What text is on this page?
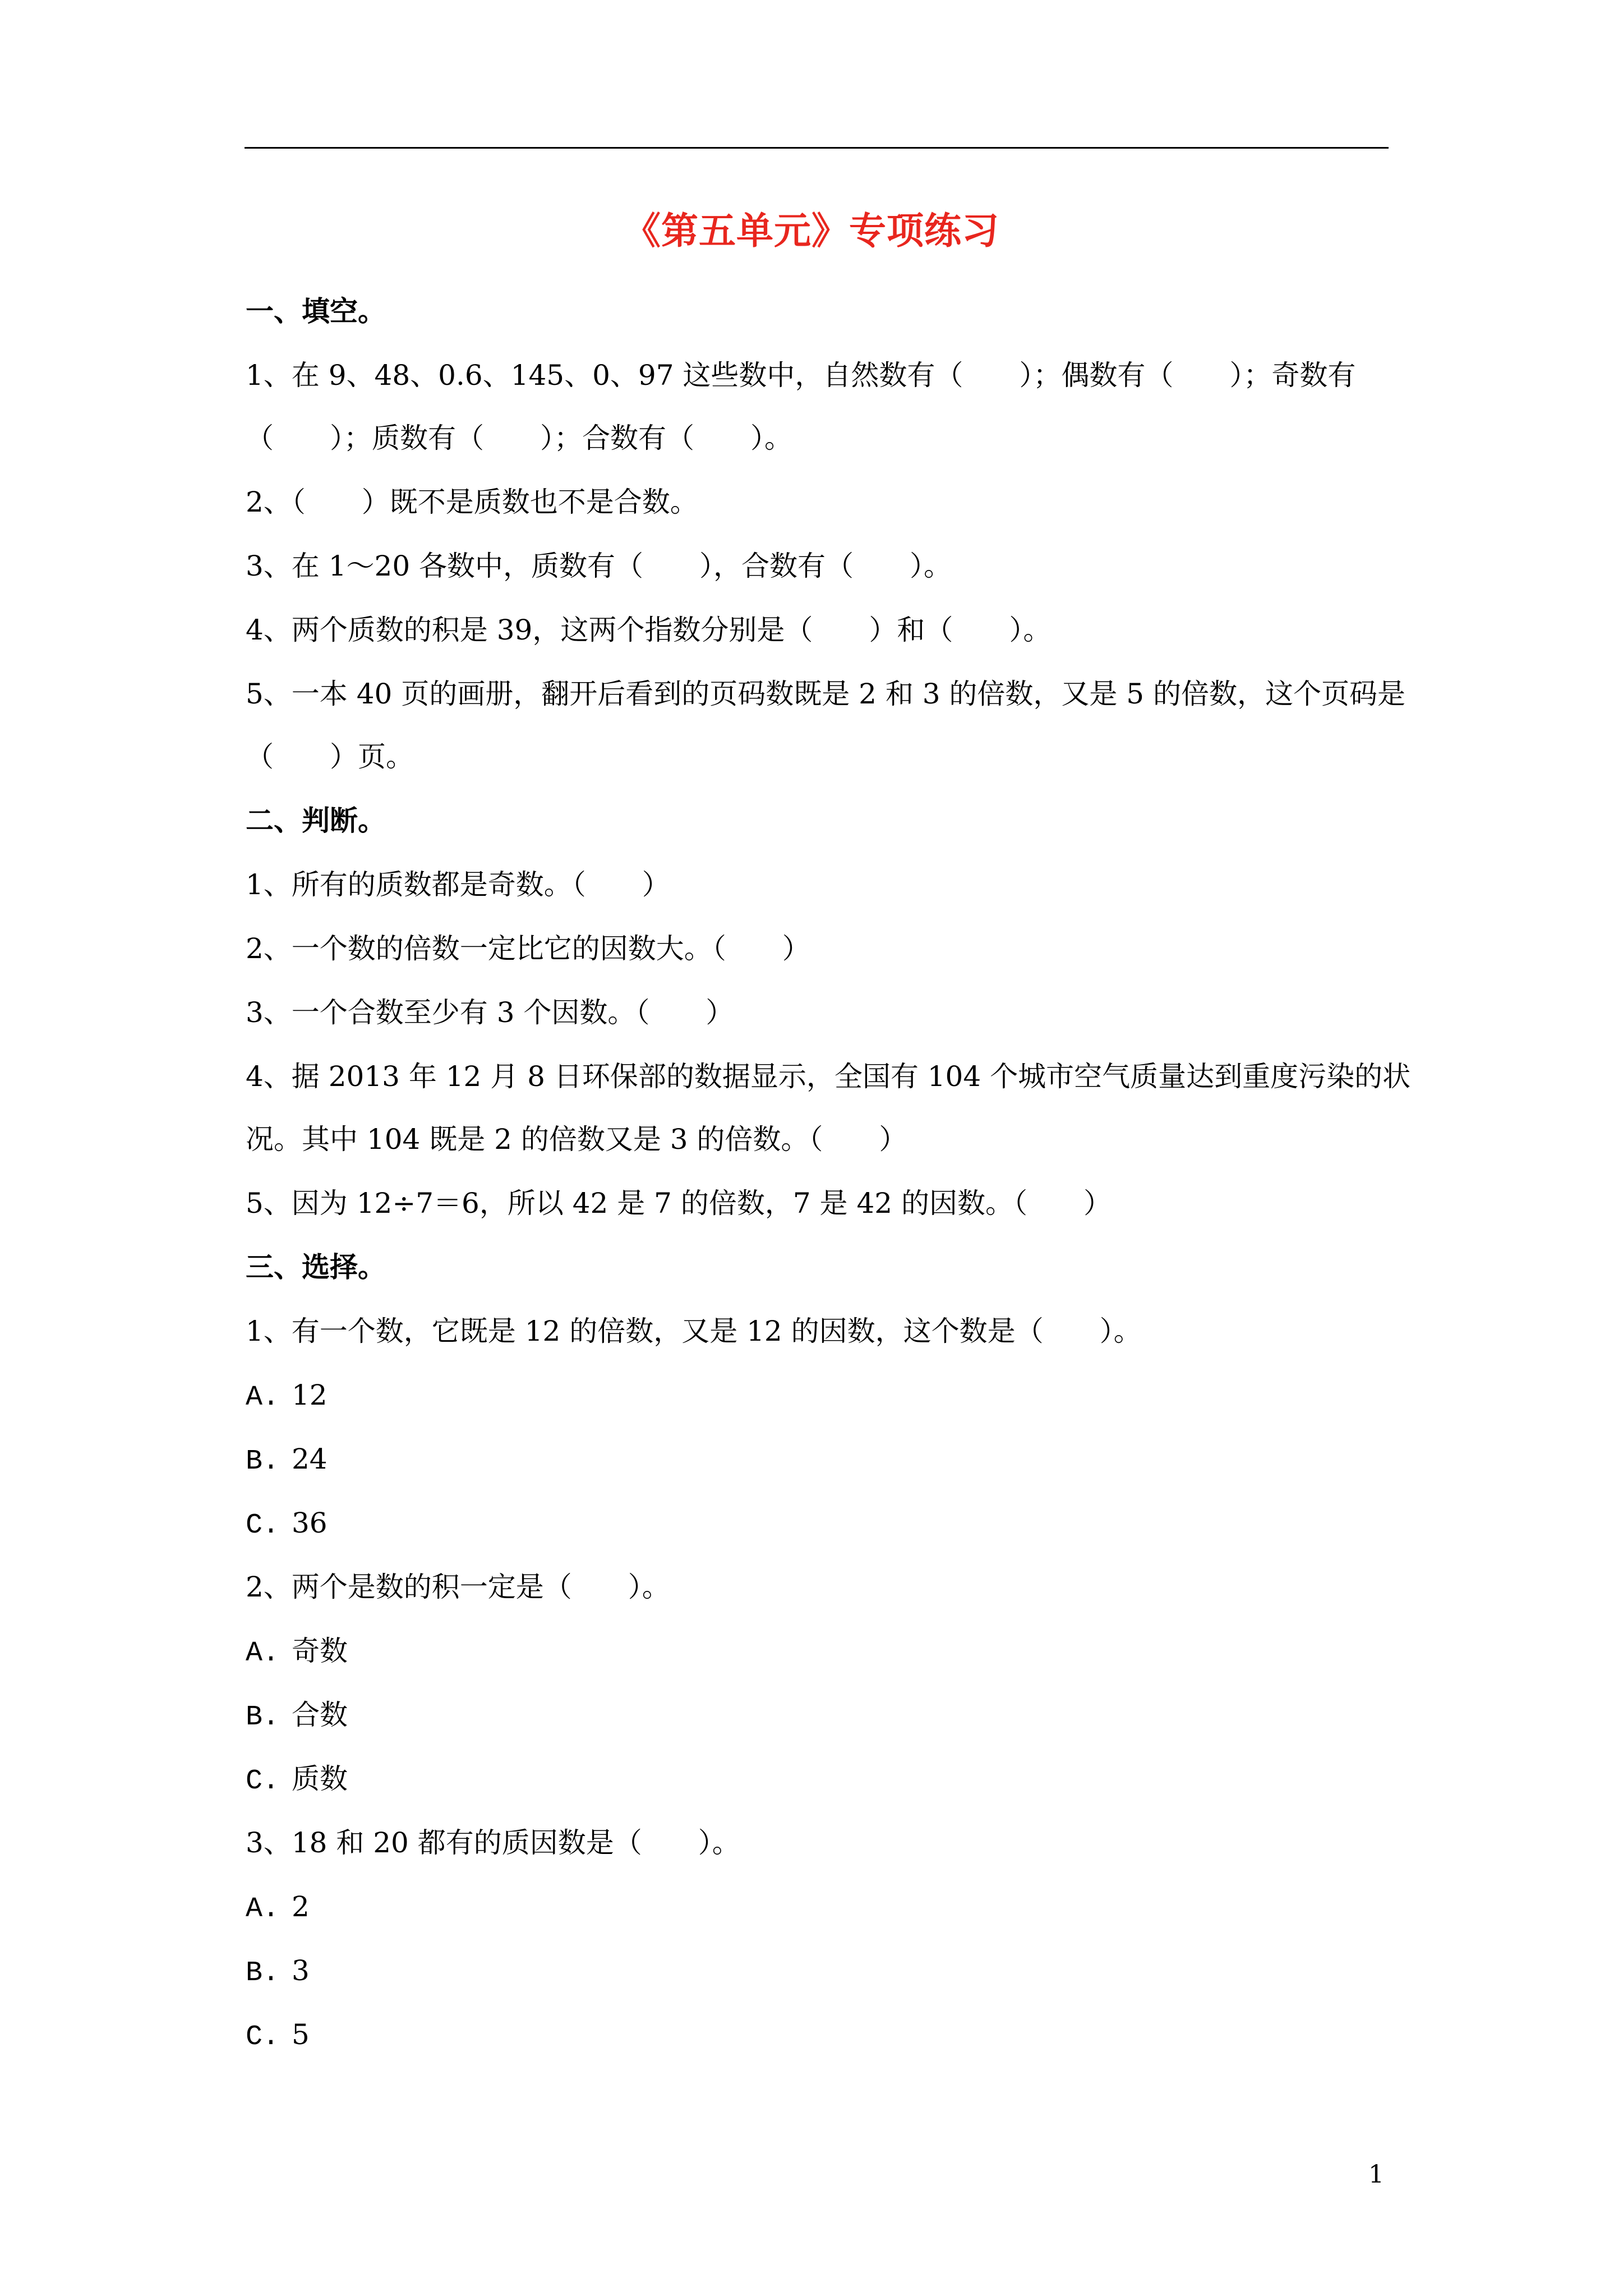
《第五单元》专项练习
一、填空。
1、在 9、48、0.6、145、0、97 这些数中，自然数有（　　）；偶数有（　　）；奇数有
（　　）；质数有（　　）；合数有（　　）。
2、（　　）既不是质数也不是合数。
3、在 1～20 各数中，质数有（　　），合数有（　　）。
4、两个质数的积是 39，这两个指数分别是（　　）和（　　）。
5、一本 40 页的画册，翻开后看到的页码数既是 2 和 3 的倍数，又是 5 的倍数，这个页码是
（　　）页。
二、判断。
1、所有的质数都是奇数。（　　）
2、一个数的倍数一定比它的因数大。（　　）
3、一个合数至少有 3 个因数。（　　）
4、据 2013 年 12 月 8 日环保部的数据显示，全国有 104 个城市空气质量达到重度污染的状
况。其中 104 既是 2 的倍数又是 3 的倍数。（　　）
5、因为 12÷7＝6，所以 42 是 7 的倍数，7 是 42 的因数。（　　）
三、选择。
1、有一个数，它既是 12 的倍数，又是 12 的因数，这个数是（　　）。
A. 12
B. 24
C. 36
2、两个是数的积一定是（　　）。
A. 奇数
B. 合数
C. 质数
3、18 和 20 都有的质因数是（　　）。
A. 2
B. 3
C. 5
1
